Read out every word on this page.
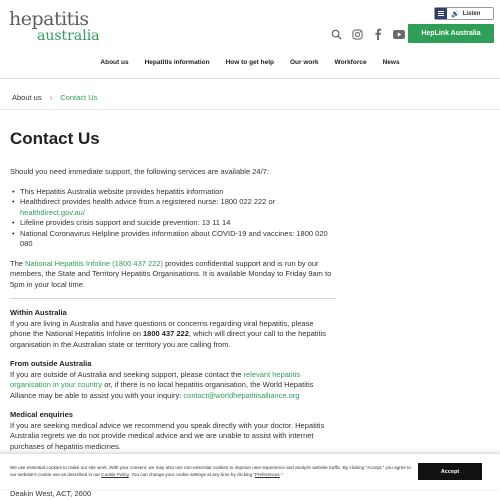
hepatitis
australia
🔊 Listen
HepLink Australia
About us Hepatitis information How to get help Our work Workforce News
About us › Contact Us
Contact Us

Should you need immediate support, the following services are available 24/7:

• This Hepatitis Australia website provides hepatitis information
• Healthdirect provides health advice from a registered nurse: 1800 022 222 or healthdirect.gov.au/
• Lifeline provides crisis support and suicide prevention: 13 11 14
• National Coronavirus Helpline provides information about COVID-19 and vaccines: 1800 020 080

The National Hepatitis Infoline (1800 437 222) provides confidential support and is run by our members, the State and Territory Hepatitis Organisations. It is available Monday to Friday 9am to 5pm in your local time.

Within Australia

If you are living in Australia and have questions or concerns regarding viral hepatitis, please phone the National Hepatitis Infoline on 1800 437 222, which will direct your call to the hepatitis organisation in the Australian state or territory you are calling from.

From outside Australia

If you are outside of Australia and seeking support, please contact the relevant hepatitis organisation in your country or, if there is no local hepatitis organisation, the World Hepatitis Alliance may be able to assist you with your inquiry: contact@worldhepatitisalliance.org

Medical enquiries

If you are seeking medical advice we recommend you speak directly with your doctor. Hepatitis Australia regrets we do not provide medical advice and we are unable to assist with internet purchases of hepatitis medicines.

We use essential cookies to make our site work. With your consent, we may also use non-essential cookies to improve user experience and analyze website traffic. By clicking “Accept,” you agree to our website's cookie use as described in our Cookie Policy. You can change your cookie settings at any time by clicking “Preferences.”	Accept
Deakin West, ACT, 2600
